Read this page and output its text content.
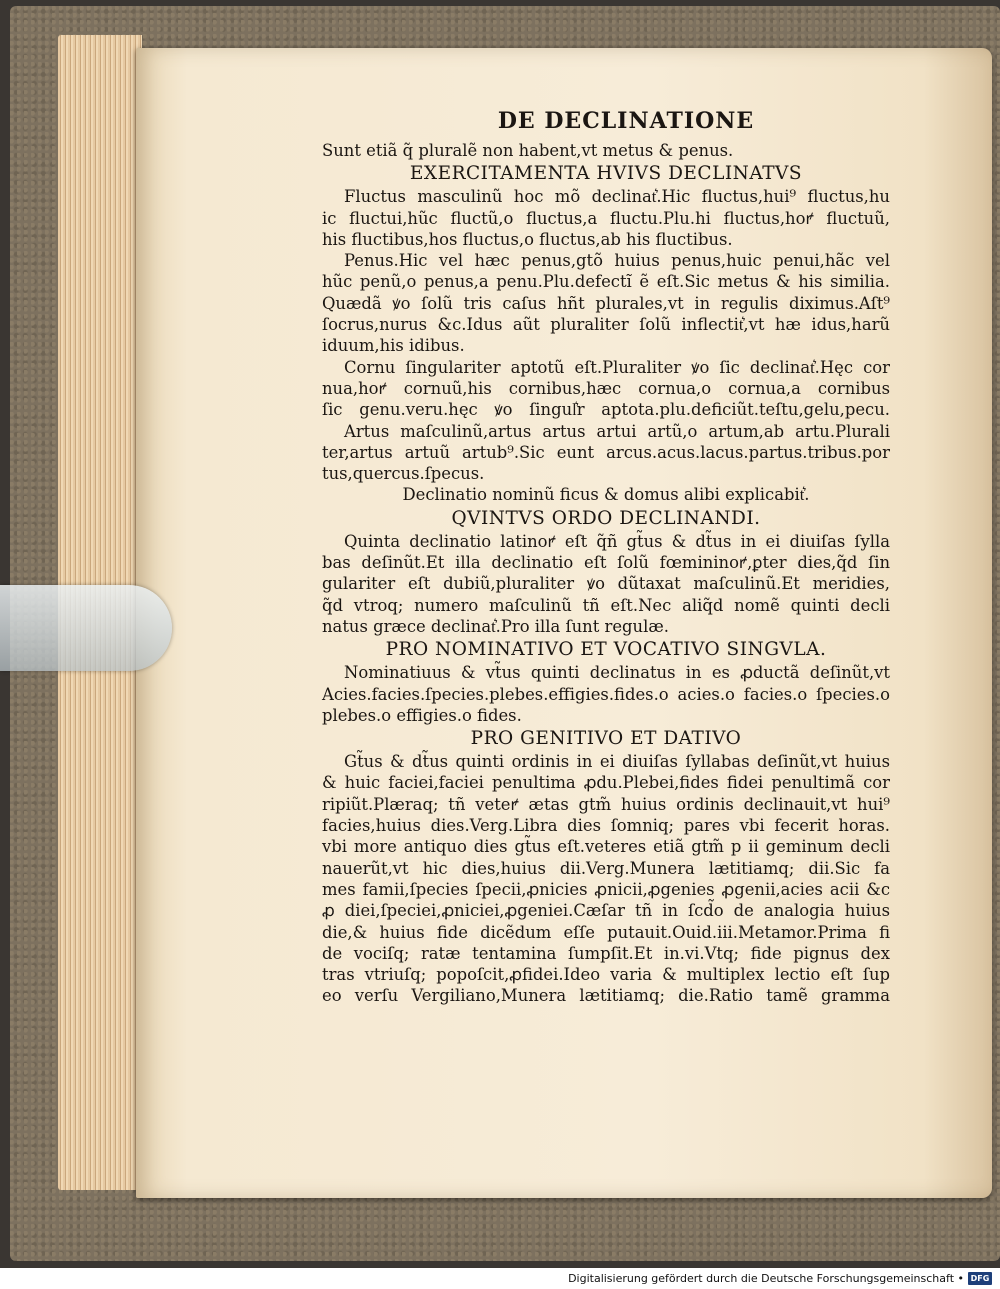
DE DECLINATIONE
Sunt etiã q̃ pluralẽ non habent,vt metus & penus.
EXERCITAMENTA HVIVS DECLINATVS
Fluctus masculinũ hoc mõ declinat͛.Hic fluctus,hui⁹ fluctus,hu
ic fluctui,hũc fluctũ,o fluctus,a fluctu.Plu.hi fluctus,hoꝵ fluctuũ,
his fluctibus,hos fluctus,o fluctus,ab his fluctibus.
Penus.Hic vel hæc penus,gtõ huius penus,huic penui,hãc vel
hũc penũ,o penus,a penu.Plu.defectĩ ẽ eſt.Sic metus & his similia.
Quædã ꝟo ſolũ tris caſus hñt plurales,vt in regulis diximus.Aſt⁹
ſocrus,nurus &c.Idus aũt pluraliter ſolũ inflectit͛,vt hæ idus,harũ
iduum,his idibus.
Cornu ſingulariter aptotũ eſt.Pluraliter ꝟo ſic declinat͛.Hęc cor
nua,hoꝵ cornuũ,his cornibus,hæc cornua,o cornua,a cornibus
ſic genu.veru.hęc ꝟo ſingul͛r aptota.plu.deficiũt.teſtu,gelu,pecu.
Artus maſculinũ,artus artus artui artũ,o artum,ab artu.Plurali
ter,artus artuũ artub⁹.Sic eunt arcus.acus.lacus.partus.tribus.por
tus,quercus.ſpecus.
Declinatio nominũ ficus & domus alibi explicabit͛.
QVINTVS ORDO DECLINANDI.
Quinta declinatio latinoꝵ eſt q̃ñ gt̃us & dt̃us in ei diuiſas ſylla
bas deſinũt.Et illa declinatio eſt ſolũ fœmininoꝵ,ꝑter dies,q̃d ſin
gulariter eſt dubiũ,pluraliter ꝟo dũtaxat maſculinũ.Et meridies,
q̃d vtroq; numero maſculinũ tñ eſt.Nec aliq̃d nomẽ quinti decli
natus græce declinat͛.Pro illa ſunt regulæ.
PRO NOMINATIVO ET VOCATIVO SINGVLA.
Nominatiuus & vt̃us quinti declinatus in es ꝓductã deſinũt,vt
Acies.facies.ſpecies.plebes.effigies.fides.o acies.o facies.o ſpecies.o
plebes.o effigies.o fides.
PRO GENITIVO ET DATIVO
Gt̃us & dt̃us quinti ordinis in ei diuiſas ſyllabas deſinũt,vt huius
& huic faciei,faciei penultima ꝓdu.Plebei,fides fidei penultimã cor
ripiũt.Plæraq; tñ veteꝵ ætas gtm̃ huius ordinis declinauit,vt hui⁹
facies,huius dies.Verg.Libra dies ſomniq; pares vbi fecerit horas.
vbi more antiquo dies gt̃us eſt.veteres etiã gtm̃ p ii geminum decli
nauerũt,vt hic dies,huius dii.Verg.Munera lætitiamq; dii.Sic fa
mes famii,ſpecies ſpecii,ꝓnicies ꝓnicii,ꝓgenies ꝓgenii,acies acii &c
ꝓ diei,ſpeciei,ꝓniciei,ꝓgeniei.Cæſar tñ in ſcd̃o de analogia huius
die,& huius fide dicẽdum eſſe putauit.Ouid.iii.Metamor.Prima fi
de vociſq; ratæ tentamina ſumpſit.Et in.vi.Vtq; fide pignus dex
tras vtriuſq; popoſcit,ꝓfidei.Ideo varia & multiplex lectio eſt ſup
eo verſu Vergiliano,Munera lætitiamq; die.Ratio tamẽ gramma
Digitalisierung gefördert durch die Deutsche Forschungsgemeinschaft • DFG
